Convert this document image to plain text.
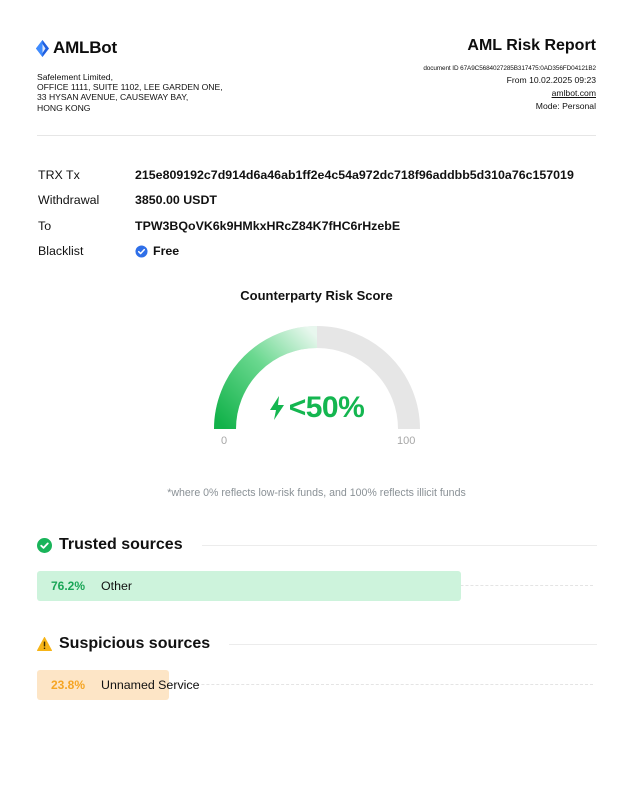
AMLBot
Safelement Limited,
OFFICE 1111, SUITE 1102, LEE GARDEN ONE,
33 HYSAN AVENUE, CAUSEWAY BAY,
HONG KONG
AML Risk Report
document ID 67A9C5684027285B317475:0AD356FD04121B2
From 10.02.2025 09:23
amlbot.com
Mode: Personal
TRX Tx	215e809192c7d914d6a46ab1ff2e4c54a972dc718f96addbb5d310a76c157019
Withdrawal	3850.00 USDT
To	TPW3BQoVK6k9HMkxHRcZ84K7fHC6rHzebE
Blacklist	Free
Counterparty Risk Score
<50%
0	100
*where 0% reflects low-risk funds, and 100% reflects illicit funds
Trusted sources
76.2% Other
Suspicious sources
23.8% Unnamed Service
